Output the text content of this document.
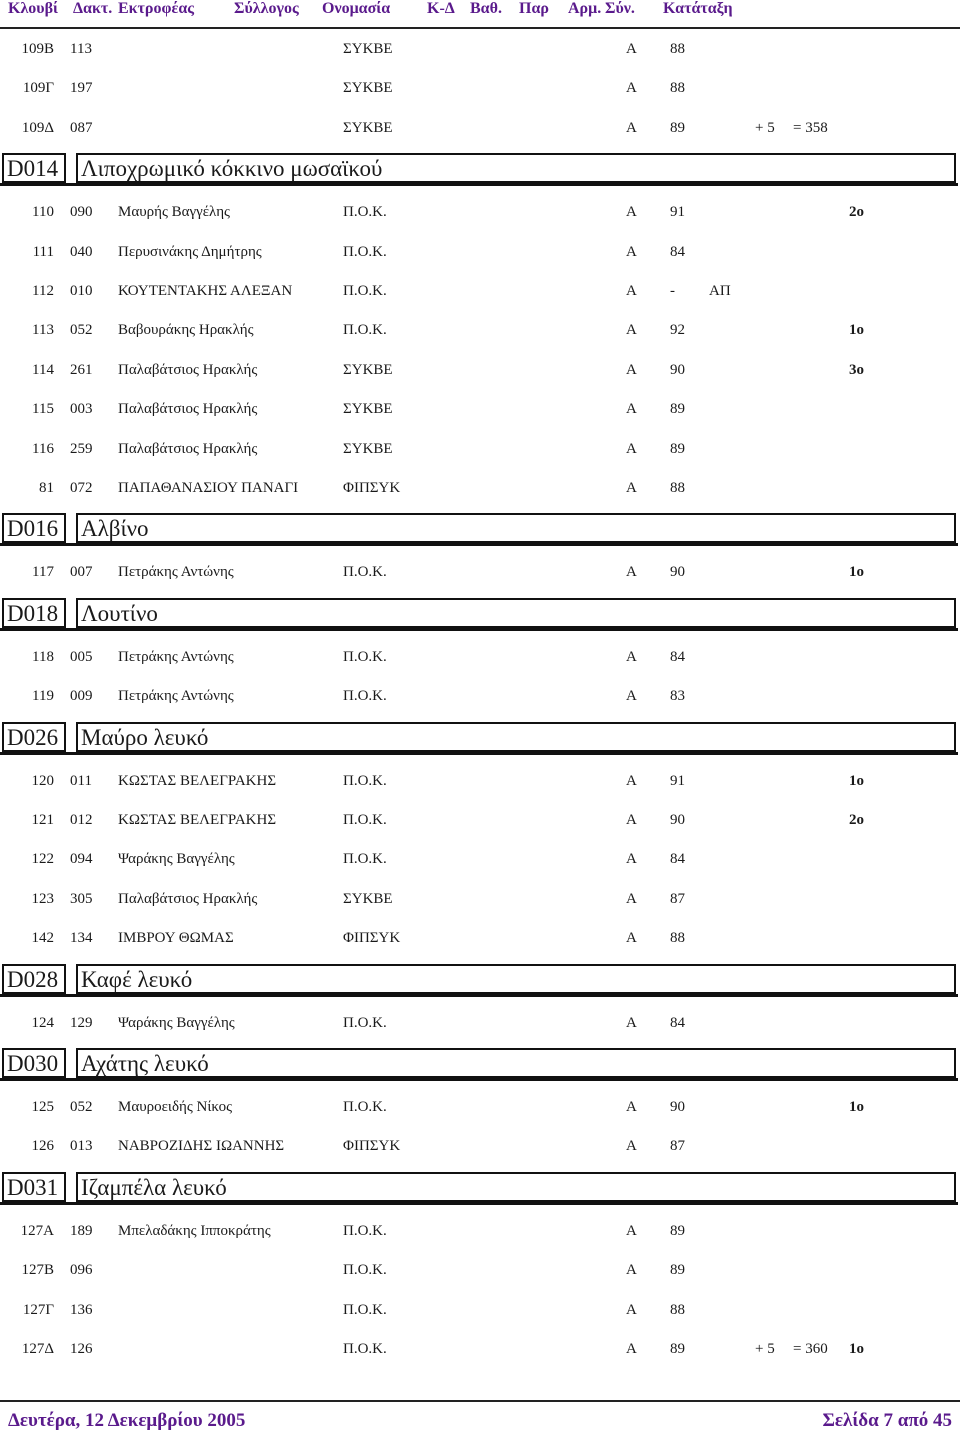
Κλουβί Δακτ. Εκτροφέας	Σύλλογος Ονομασία Κ-Δ Βαθ. Παρ Αρμ. Σύν. Κατάταξη
109Β 113	ΣΥΚΒΕ	Α 88
109Γ 197	ΣΥΚΒΕ	Α 88
109Δ 087	ΣΥΚΒΕ	Α 89	+ 5 = 358
D014 Λιποχρωμικό κόκκινο μωσαϊκού
110 090 Μαυρής Βαγγέλης	Π.Ο.Κ.	Α 91	2ο
111 040 Περυσινάκης Δημήτρης	Π.Ο.Κ.	Α 84
112 010 ΚΟΥΤΕΝΤΑΚΗΣ ΑΛΕΞΑΝ	Π.Ο.Κ.	Α - ΑΠ
113 052 Βαβουράκης Ηρακλής	Π.Ο.Κ.	Α 92	1ο
114 261 Παλαβάτσιος Ηρακλής	ΣΥΚΒΕ	Α 90	3ο
115 003 Παλαβάτσιος Ηρακλής	ΣΥΚΒΕ	Α 89
116 259 Παλαβάτσιος Ηρακλής	ΣΥΚΒΕ	Α 89
81 072 ΠΑΠΑΘΑΝΑΣΙΟΥ ΠΑΝΑΓΙ	ΦΙΠΣΥΚ	Α 88
D016 Αλβίνο
117 007 Πετράκης Αντώνης	Π.Ο.Κ.	Α 90	1ο
D018 Λουτίνο
118 005 Πετράκης Αντώνης	Π.Ο.Κ.	Α 84
119 009 Πετράκης Αντώνης	Π.Ο.Κ.	Α 83
D026 Μαύρο λευκό
120 011 ΚΩΣΤΑΣ ΒΕΛΕΓΡΑΚΗΣ	Π.Ο.Κ.	Α 91	1ο
121 012 ΚΩΣΤΑΣ ΒΕΛΕΓΡΑΚΗΣ	Π.Ο.Κ.	Α 90	2ο
122 094 Ψαράκης Βαγγέλης	Π.Ο.Κ.	Α 84
123 305 Παλαβάτσιος Ηρακλής	ΣΥΚΒΕ	Α 87
142 134 ΙΜΒΡΟΥ ΘΩΜΑΣ	ΦΙΠΣΥΚ	Α 88
D028 Καφέ λευκό
124 129 Ψαράκης Βαγγέλης	Π.Ο.Κ.	Α 84
D030 Αχάτης λευκό
125 052 Μαυροειδής Νίκος	Π.Ο.Κ.	Α 90	1ο
126 013 ΝΑΒΡΟΖΙΔΗΣ ΙΩΑΝΝΗΣ	ΦΙΠΣΥΚ	Α 87
D031 Ιζαμπέλα λευκό
127Α 189 Μπελαδάκης Ιπποκράτης	Π.Ο.Κ.	Α 89
127Β 096	Π.Ο.Κ.	Α 89
127Γ 136	Π.Ο.Κ.	Α 88
127Δ 126	Π.Ο.Κ.	Α 89	+ 5 = 360 1ο
Δευτέρα, 12 Δεκεμβρίου 2005	Σελίδα 7 από 45
